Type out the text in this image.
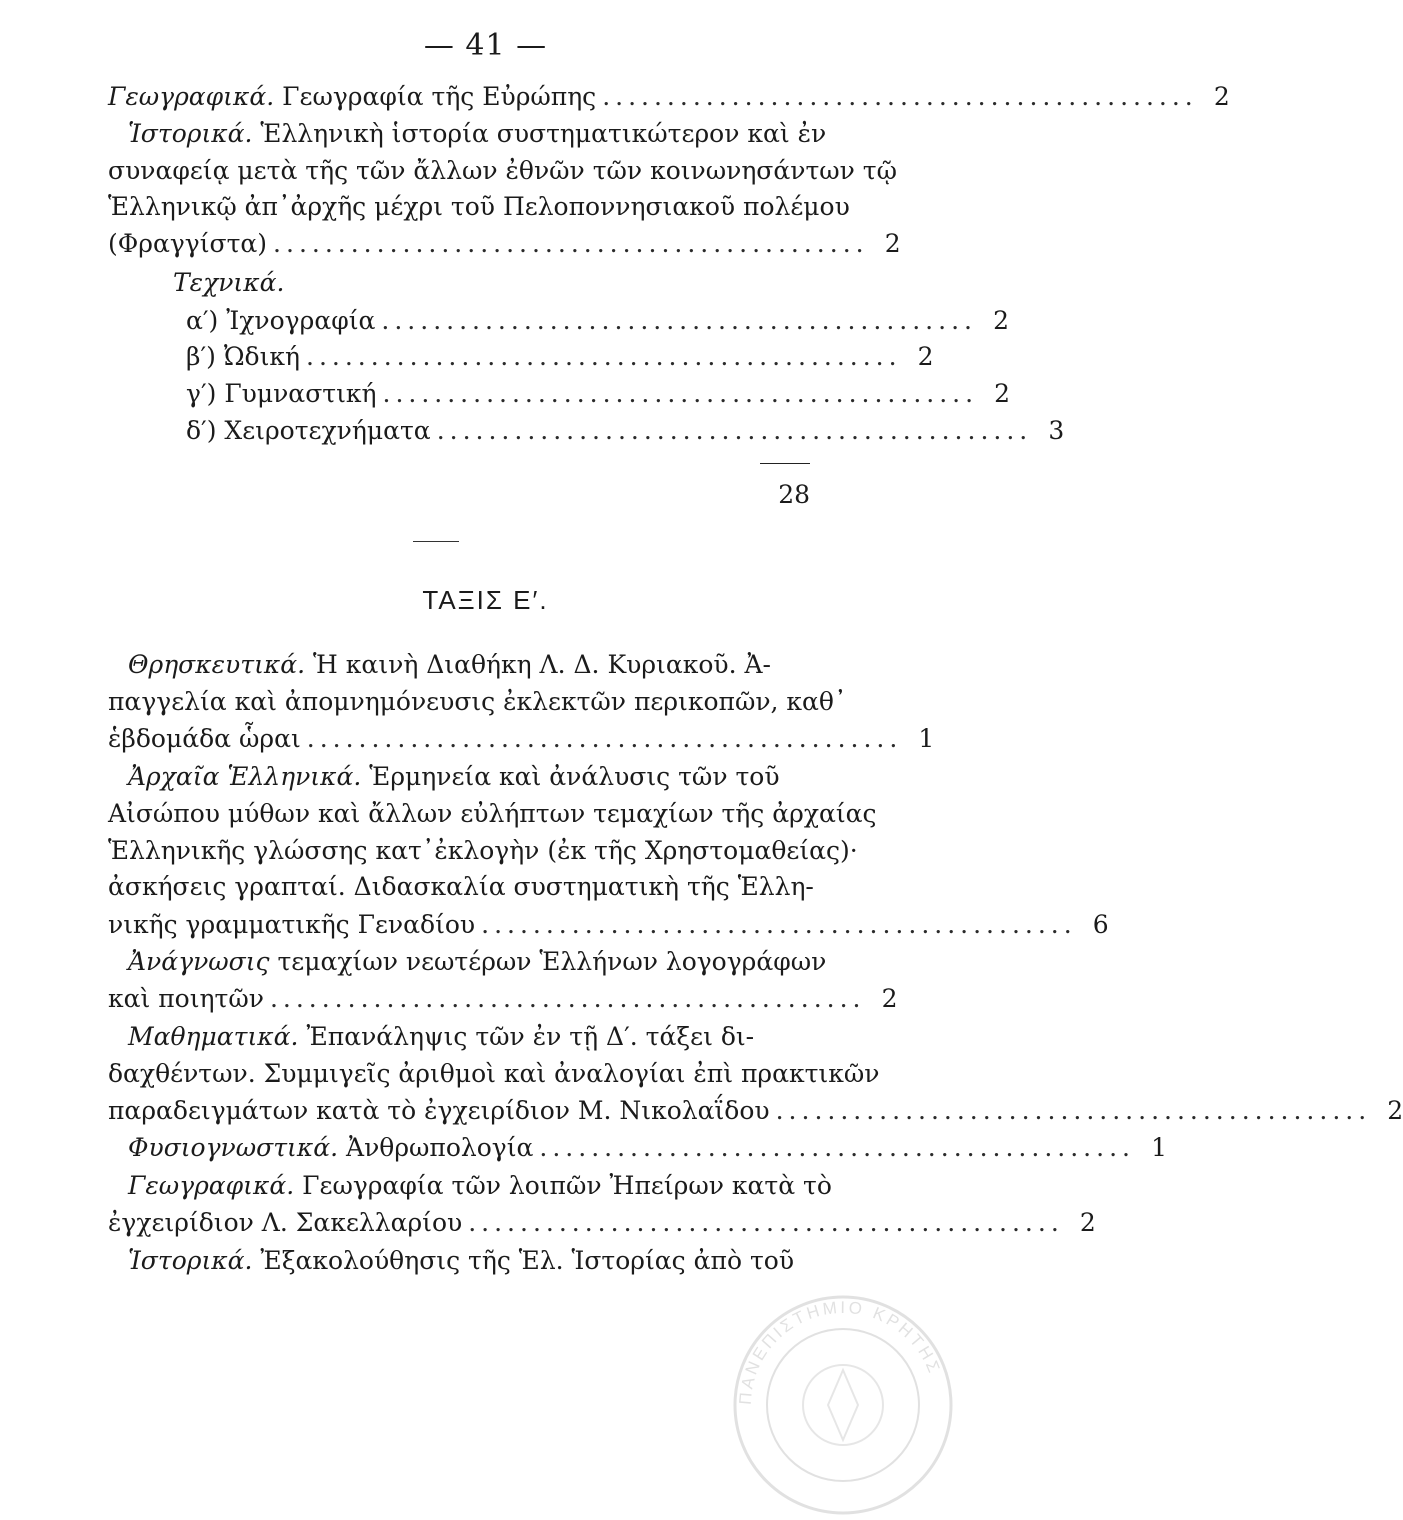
— 41 —
Γεωγραφικά. Γεωγραφία τῆς Εὐρώπης .............................................. 2
Ἱστορικά. Ἑλληνικὴ ἱστορία συστηματικώτερον καὶ ἐν
συναφείᾳ μετὰ τῆς τῶν ἄλλων ἐθνῶν τῶν κοινωνησάντων τῷ
Ἑλληνικῷ ἀπ᾽ἀρχῆς μέχρι τοῦ Πελοποννησιακοῦ πολέμου
(Φραγγίστα) .............................................. 2
Τεχνικά.
α′) Ἰχνογραφία .............................................. 2
β′) Ὠδική .............................................. 2
γ′) Γυμναστική .............................................. 2
δ′) Χειροτεχνήματα .............................................. 3
28
ΤΑΞΙΣ Ε′.
Θρησκευτικά. Ἡ καινὴ Διαθήκη Λ. Δ. Κυριακοῦ. Ἀ-
παγγελία καὶ ἀπομνημόνευσις ἐκλεκτῶν περικοπῶν, καθ᾽
ἑβδομάδα ὧραι .............................................. 1
Ἀρχαῖα Ἑλληνικά. Ἑρμηνεία καὶ ἀνάλυσις τῶν τοῦ
Αἰσώπου μύθων καὶ ἄλλων εὐλήπτων τεμαχίων τῆς ἀρχαίας
Ἑλληνικῆς γλώσσης κατ᾽ἐκλογὴν (ἐκ τῆς Χρηστομαθείας)·
ἀσκήσεις γραπταί. Διδασκαλία συστηματικὴ τῆς Ἑλλη-
νικῆς γραμματικῆς Γεναδίου .............................................. 6
Ἀνάγνωσις τεμαχίων νεωτέρων Ἑλλήνων λογογράφων
καὶ ποιητῶν .............................................. 2
Μαθηματικά. Ἐπανάληψις τῶν ἐν τῇ Δ′. τάξει δι-
δαχθέντων. Συμμιγεῖς ἀριθμοὶ καὶ ἀναλογίαι ἐπὶ πρακτικῶν
παραδειγμάτων κατὰ τὸ ἐγχειρίδιον Μ. Νικολαΐδου .............................................. 2
Φυσιογνωστικά. Ἀνθρωπολογία .............................................. 1
Γεωγραφικά. Γεωγραφία τῶν λοιπῶν Ἠπείρων κατὰ τὸ
ἐγχειρίδιον Λ. Σακελλαρίου .............................................. 2
Ἱστορικά. Ἐξακολούθησις τῆς Ἑλ. Ἱστορίας ἀπὸ τοῦ
ΠΑΝΕΠΙΣΤΗΜΙΟ ΚΡΗΤΗΣ
